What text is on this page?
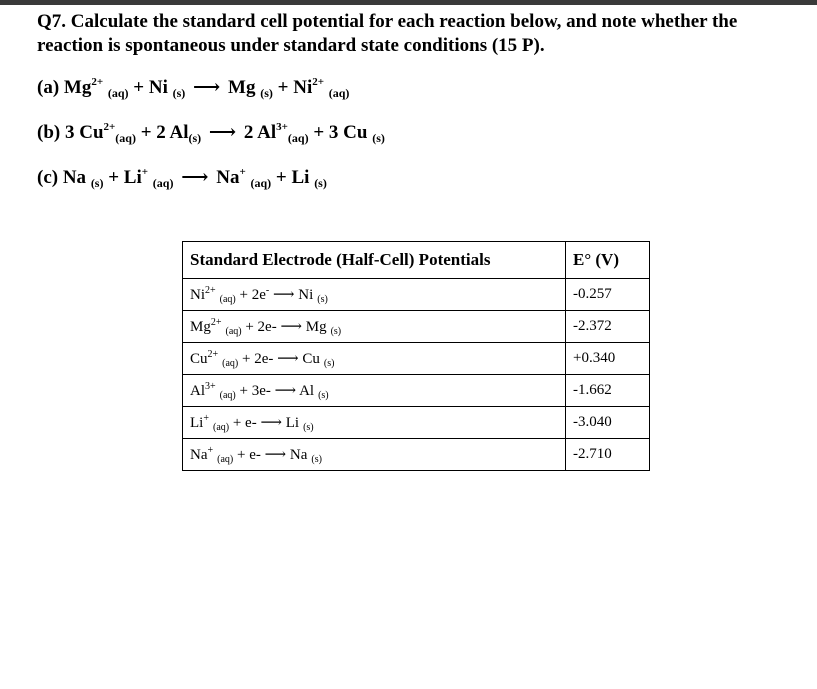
Q7. Calculate the standard cell potential for each reaction below, and note whether the
reaction is spontaneous under standard state conditions (15 P).
(a) $Mg^{2+}$ $_{(aq)}$ + Ni $_{(s)}$ ⟶ Mg $_{(s)} + Ni^{2+}$ $_{(aq)}$
(b) 3 $Cu^{2+}_{(aq)} + 2$ $Al_{(s)}$ ⟶ 2 $Al^{3+}_{(aq)} + 3$ Cu $_{(s)}$
(c) Na $_{(s)}$ + Li+ $_{(aq)}$ ⟶ Na+ $_{(aq)}$ + Li $_{(s)}$
Standard Electrode (Half-Cell) Potentials	E° (V)
$Ni^{2+}_{(aq)} + 2e^-$ ⟶ Ni $_{(s)}$	-0.257
$Mg^{2+}_{(aq)} + 2e-$ ⟶ Mg $_{(s)}$	-2.372
$Cu^{2+}_{(aq)} + 2e-$ ⟶ Cu $_{(s)}$	+0.340
$Al^{3+}_{(aq)} + 3e-$ ⟶ Al $_{(s)}$	-1.662
$Li^+_{(aq)} + e-$ ⟶ Li $_{(s)}$	-3.040
$Na^+_{(aq)} + e-$ ⟶ Na $_{(s)}$	-2.710
